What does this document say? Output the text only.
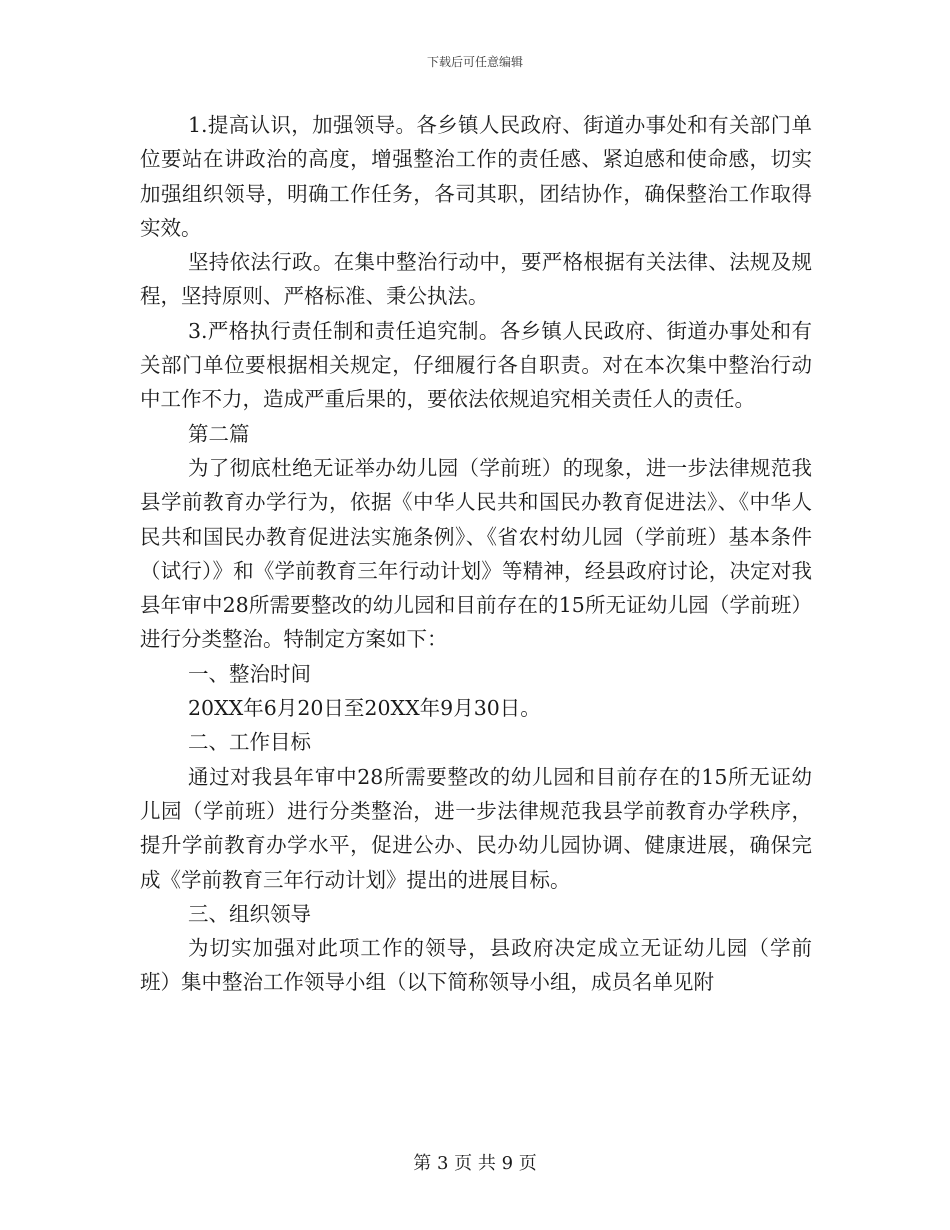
下载后可任意编辑

1.提高认识，加强领导。各乡镇人民政府、街道办事处和有关部门单位要站在讲政治的高度，增强整治工作的责任感、紧迫感和使命感，切实加强组织领导，明确工作任务，各司其职，团结协作，确保整治工作取得实效。

坚持依法行政。在集中整治行动中，要严格根据有关法律、法规及规程，坚持原则、严格标准、秉公执法。

3.严格执行责任制和责任追究制。各乡镇人民政府、街道办事处和有关部门单位要根据相关规定，仔细履行各自职责。对在本次集中整治行动中工作不力，造成严重后果的，要依法依规追究相关责任人的责任。

第二篇

为了彻底杜绝无证举办幼儿园（学前班）的现象，进一步法律规范我县学前教育办学行为，依据《中华人民共和国民办教育促进法》、《中华人民共和国民办教育促进法实施条例》、《省农村幼儿园（学前班）基本条件（试行）》和《学前教育三年行动计划》等精神，经县政府讨论，决定对我县年审中28所需要整改的幼儿园和目前存在的15所无证幼儿园（学前班）进行分类整治。特制定方案如下：

一、整治时间

20XX年6月20日至20XX年9月30日。

二、工作目标

通过对我县年审中28所需要整改的幼儿园和目前存在的15所无证幼儿园（学前班）进行分类整治，进一步法律规范我县学前教育办学秩序，提升学前教育办学水平，促进公办、民办幼儿园协调、健康进展，确保完成《学前教育三年行动计划》提出的进展目标。

三、组织领导

为切实加强对此项工作的领导，县政府决定成立无证幼儿园（学前班）集中整治工作领导小组（以下简称领导小组，成员名单见附

第 3 页 共 9 页
